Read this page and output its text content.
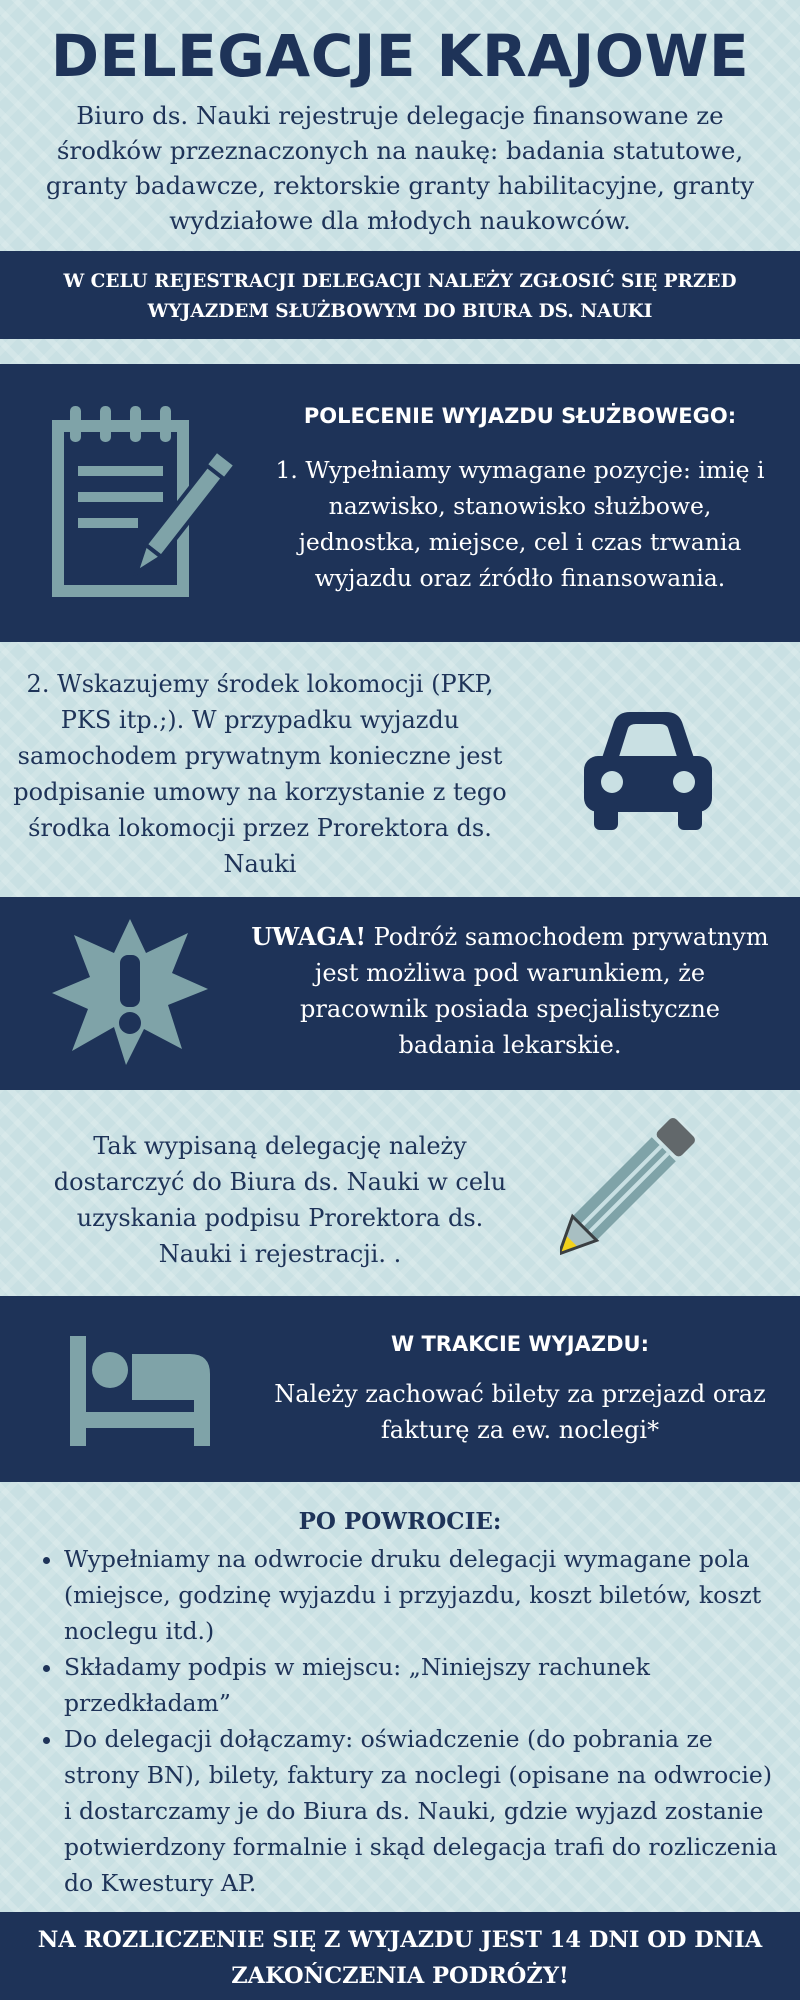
DELEGACJE KRAJOWE
Biuro ds. Nauki rejestruje delegacje finansowane ze środków przeznaczonych na naukę: badania statutowe, granty badawcze, rektorskie granty habilitacyjne, granty wydziałowe dla młodych naukowców.
W CELU REJESTRACJI DELEGACJI NALEŻY ZGŁOSIĆ SIĘ PRZED WYJAZDEM SŁUŻBOWYM DO BIURA DS. NAUKI
POLECENIE WYJAZDU SŁUŻBOWEGO:
1. Wypełniamy wymagane pozycje: imię i nazwisko, stanowisko służbowe, jednostka, miejsce, cel i czas trwania wyjazdu oraz źródło finansowania.
2. Wskazujemy środek lokomocji (PKP, PKS itp.;). W przypadku wyjazdu samochodem prywatnym konieczne jest podpisanie umowy na korzystanie z tego środka lokomocji przez Prorektora ds. Nauki
UWAGA! Podróż samochodem prywatnym jest możliwa pod warunkiem, że pracownik posiada specjalistyczne badania lekarskie.
Tak wypisaną delegację należy dostarczyć do Biura ds. Nauki w celu uzyskania podpisu Prorektora ds. Nauki i rejestracji. .
W TRAKCIE WYJAZDU:
Należy zachować bilety za przejazd oraz fakturę za ew. noclegi*
PO POWROCIE:
• Wypełniamy na odwrocie druku delegacji wymagane pola (miejsce, godzinę wyjazdu i przyjazdu, koszt biletów, koszt noclegu itd.)
• Składamy podpis w miejscu: „Niniejszy rachunek przedkładam”
• Do delegacji dołączamy: oświadczenie (do pobrania ze strony BN), bilety, faktury za noclegi (opisane na odwrocie) i dostarczamy je do Biura ds. Nauki, gdzie wyjazd zostanie potwierdzony formalnie i skąd delegacja trafi do rozliczenia do Kwestury AP.
NA ROZLICZENIE SIĘ Z WYJAZDU JEST 14 DNI OD DNIA ZAKOŃCZENIA PODRÓŻY!
